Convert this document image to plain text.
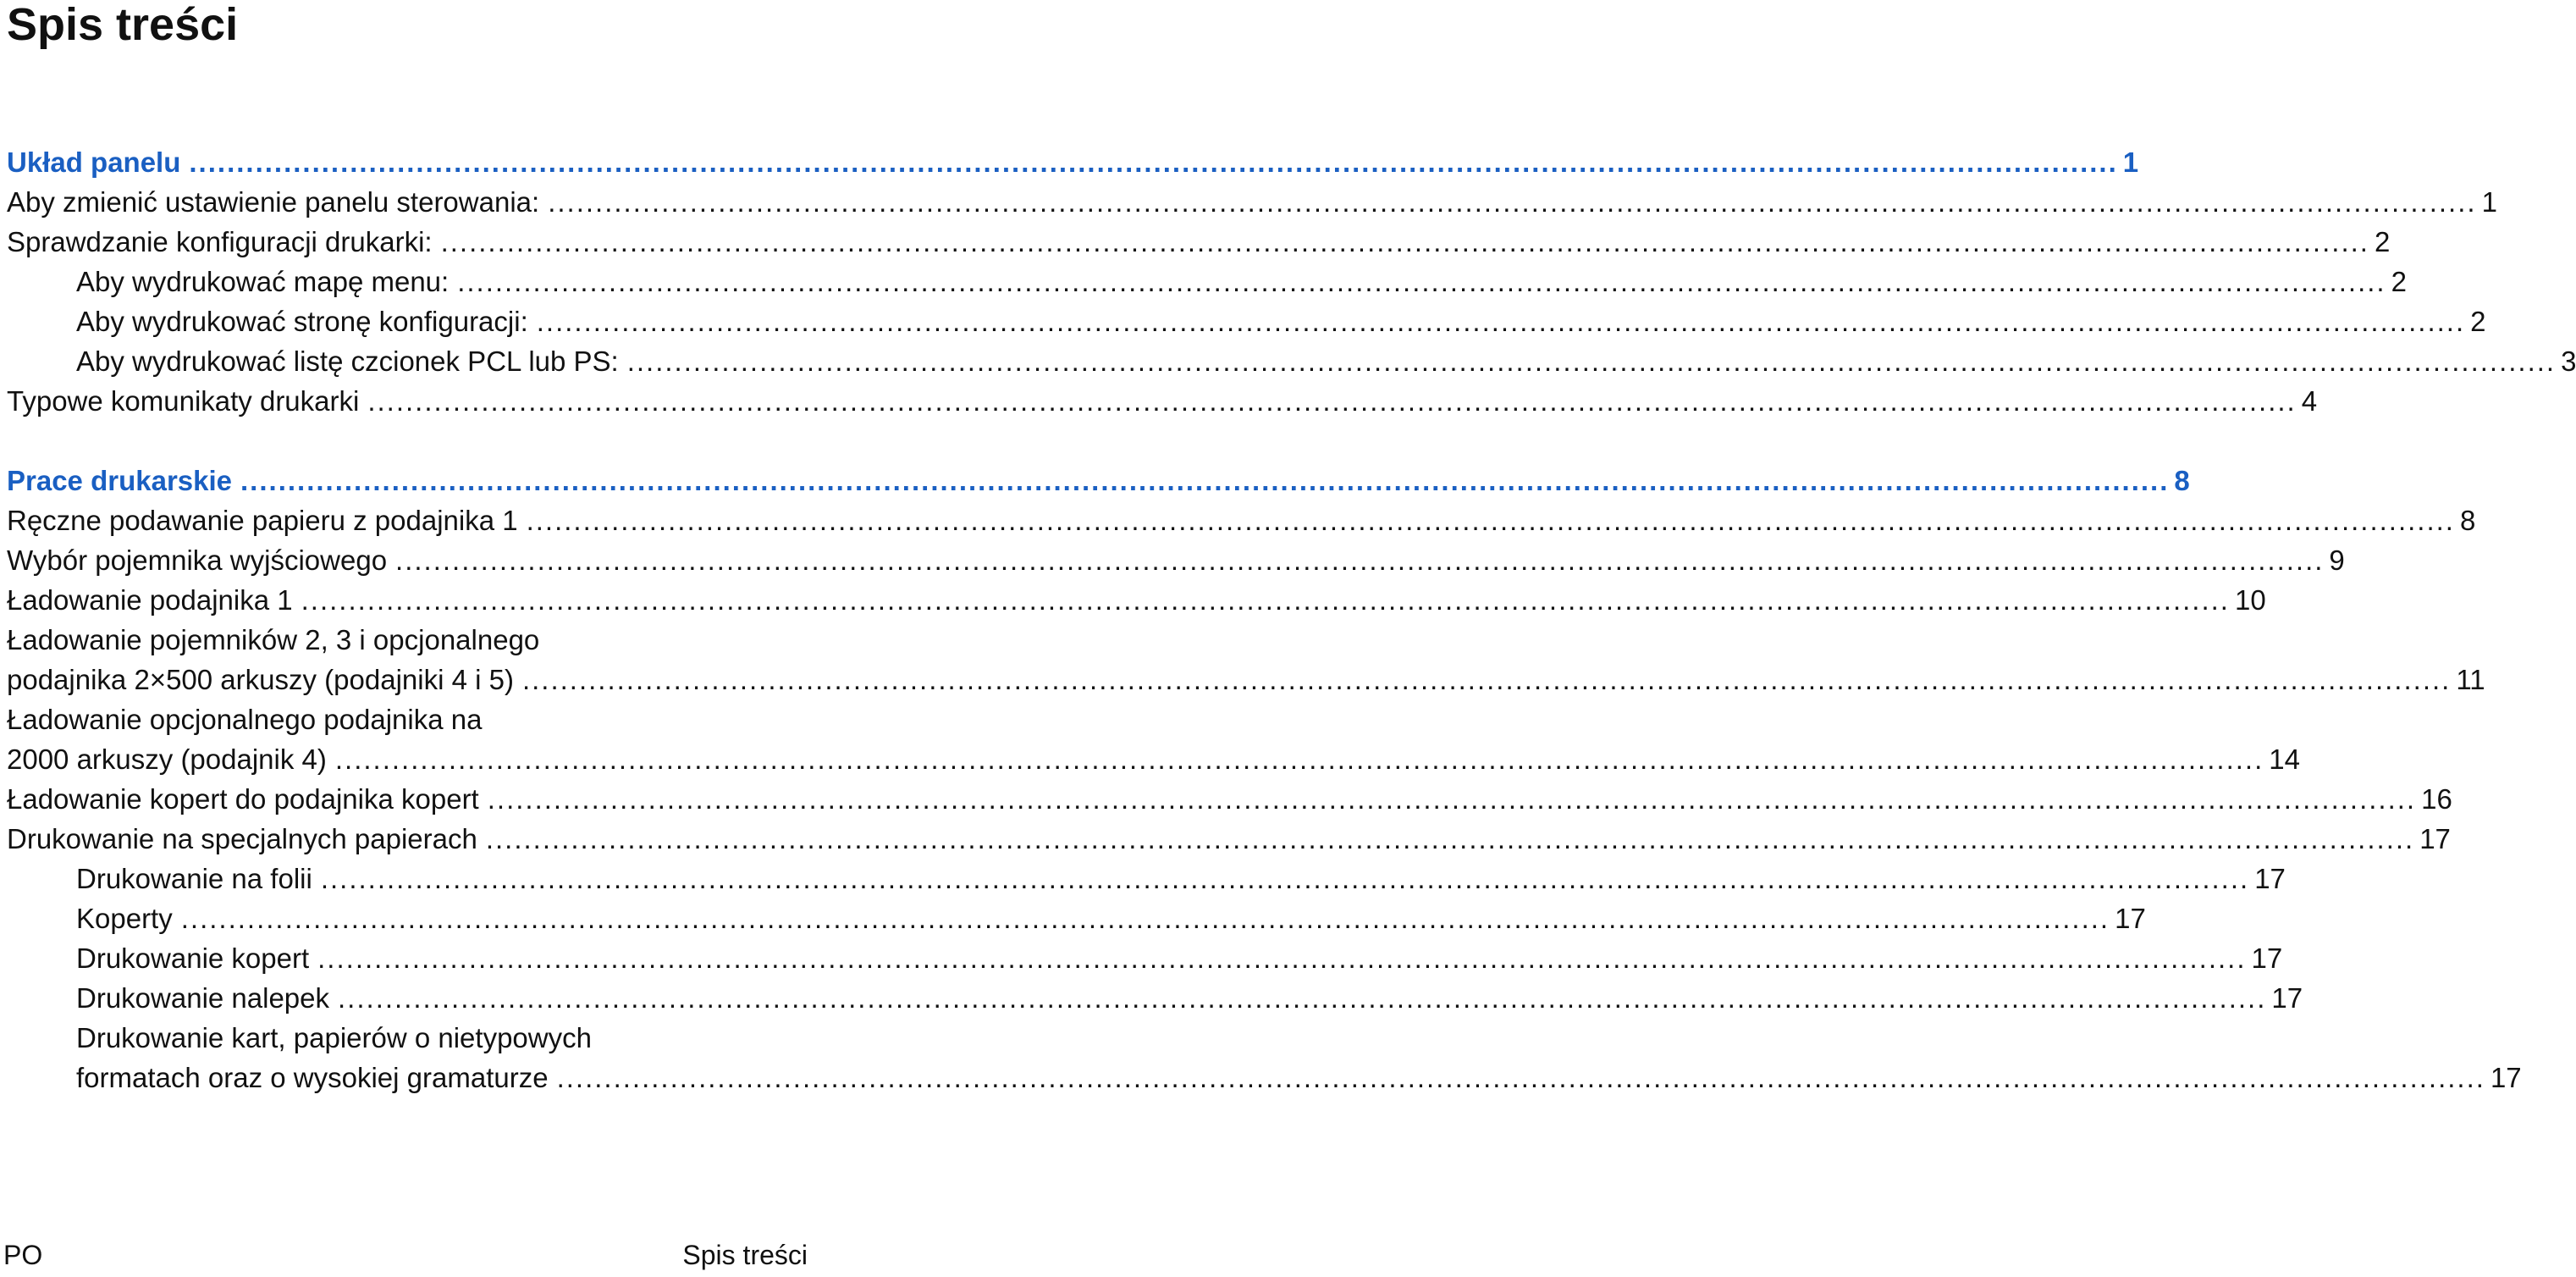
Spis treści
Układ panelu .....	1
Aby zmienić ustawienie panelu sterowania: .....	1
Sprawdzanie konfiguracji drukarki: .....	2
Aby wydrukować mapę menu: .....	2
Aby wydrukować stronę konfiguracji: .....	2
Aby wydrukować listę czcionek PCL lub PS: .....	3
Typowe komunikaty drukarki .....	4
Prace drukarskie .....	8
Ręczne podawanie papieru z podajnika 1 .....	8
Wybór pojemnika wyjściowego .....	9
Ładowanie podajnika 1 .....	10
Ładowanie pojemników 2, 3 i opcjonalnego
podajnika 2×500 arkuszy (podajniki 4 i 5) .....	11
Ładowanie opcjonalnego podajnika na
2000 arkuszy (podajnik 4) .....	14
Ładowanie kopert do podajnika kopert .....	16
Drukowanie na specjalnych papierach .....	17
Drukowanie na folii .....	17
Koperty .....	17
Drukowanie kopert .....	17
Drukowanie nalepek .....	17
Drukowanie kart, papierów o nietypowych
formatach oraz o wysokiej gramaturze .....	17
PO	Spis treści
